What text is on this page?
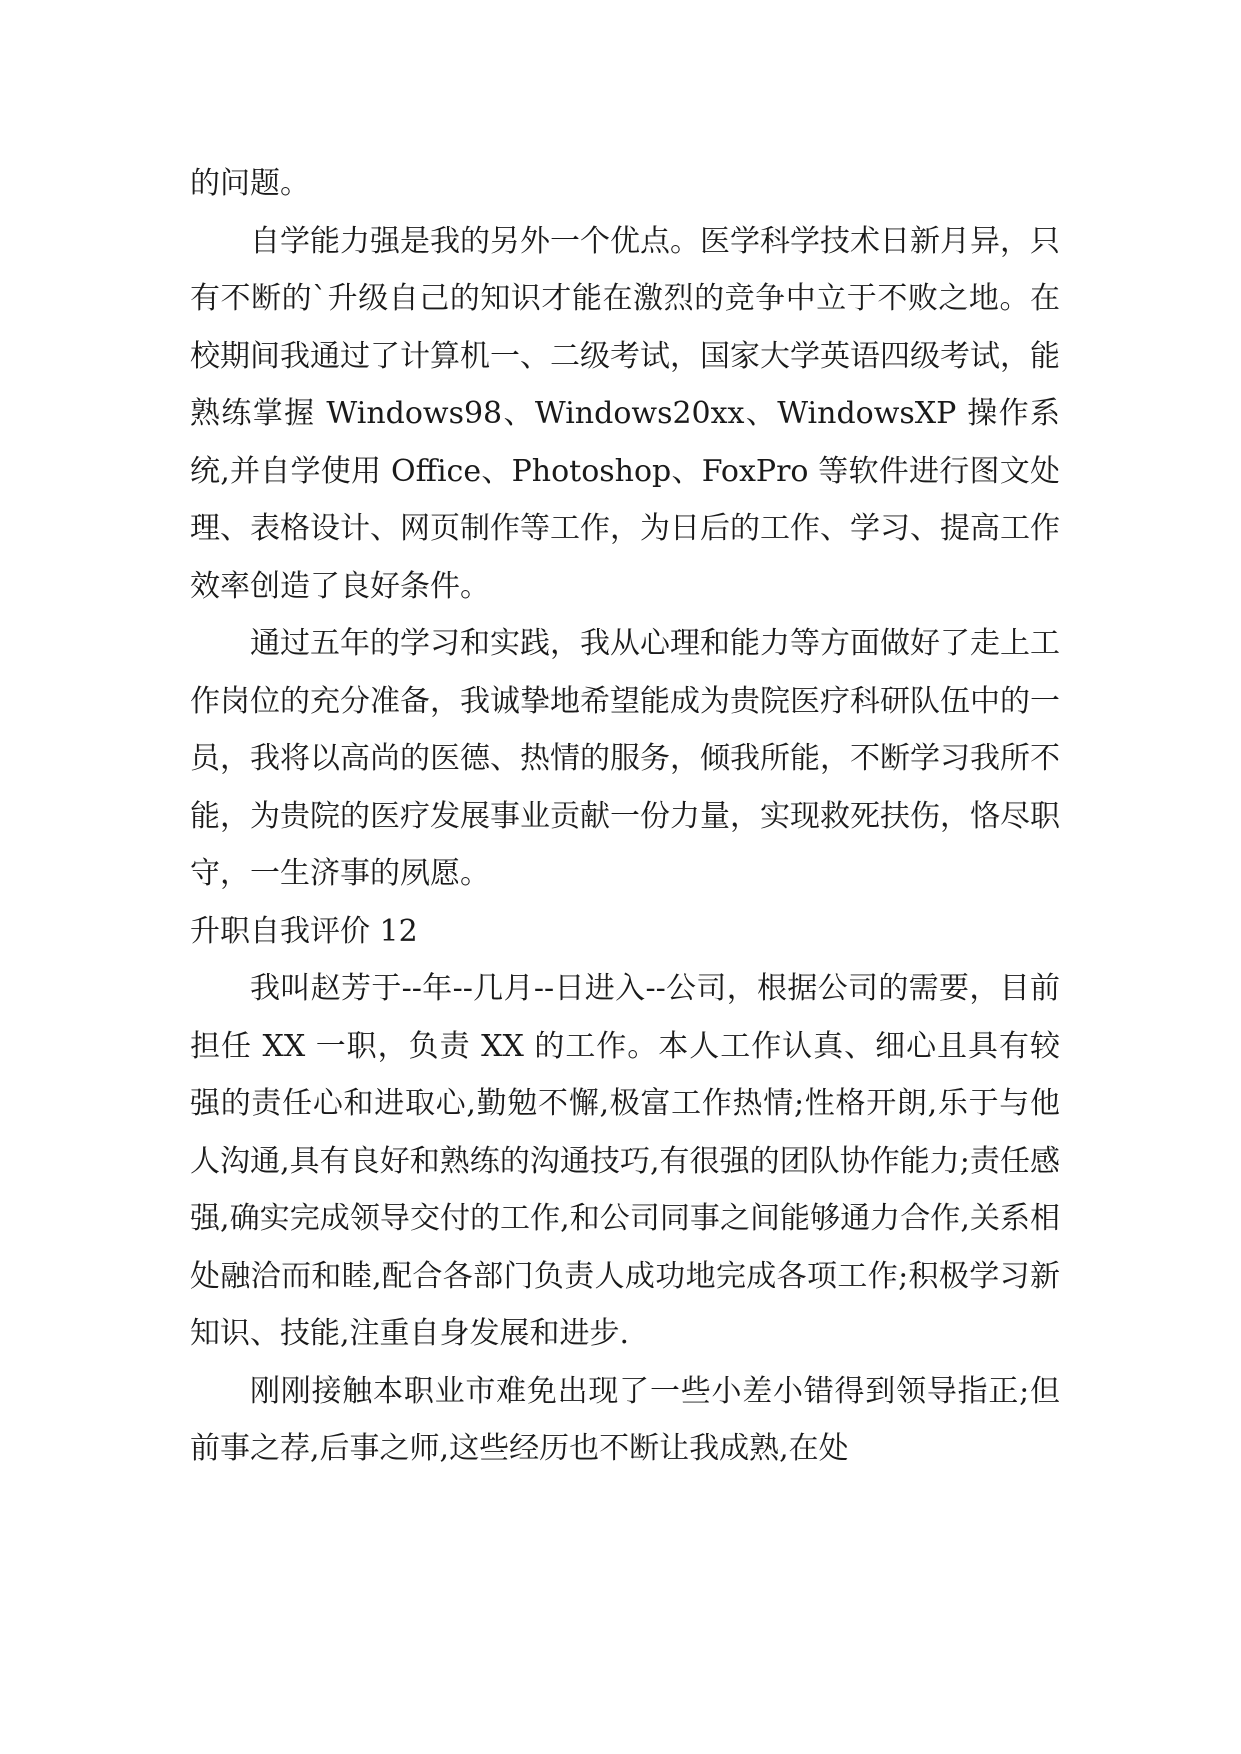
的问题。

自学能力强是我的另外一个优点。医学科学技术日新月异，只有不断的`升级自己的知识才能在激烈的竞争中立于不败之地。在校期间我通过了计算机一、二级考试，国家大学英语四级考试，能熟练掌握 Windows98、Windows20xx、WindowsXP 操作系统,并自学使用 Office、Photoshop、FoxPro 等软件进行图文处理、表格设计、网页制作等工作，为日后的工作、学习、提高工作效率创造了良好条件。

通过五年的学习和实践，我从心理和能力等方面做好了走上工作岗位的充分准备，我诚挚地希望能成为贵院医疗科研队伍中的一员，我将以高尚的医德、热情的服务，倾我所能，不断学习我所不能，为贵院的医疗发展事业贡献一份力量，实现救死扶伤，恪尽职守，一生济事的夙愿。

升职自我评价 12

我叫赵芳于--年--几月--日进入--公司，根据公司的需要，目前担任 XX 一职，负责 XX 的工作。本人工作认真、细心且具有较强的责任心和进取心,勤勉不懈,极富工作热情;性格开朗,乐于与他人沟通,具有良好和熟练的沟通技巧,有很强的团队协作能力;责任感强,确实完成领导交付的工作,和公司同事之间能够通力合作,关系相处融洽而和睦,配合各部门负责人成功地完成各项工作;积极学习新知识、技能,注重自身发展和进步.

刚刚接触本职业市难免出现了一些小差小错得到领导指正;但前事之荐,后事之师,这些经历也不断让我成熟,在处
